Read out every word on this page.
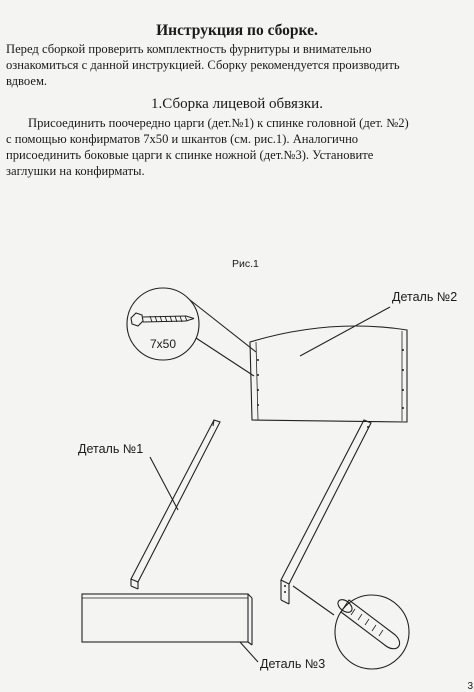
Инструкция по сборке.
Перед сборкой проверить комплектность фурнитуры и внимательно
ознакомиться с данной инструкцией. Сборку рекомендуется производить
вдвоем.
1.Сборка лицевой обвязки.
Присоединить поочередно царги (дет.№1) к спинке головной (дет. №2)
с помощью конфирматов 7х50 и шкантов (см. рис.1). Аналогично
присоединить боковые царги к спинке ножной (дет.№3). Установите
заглушки на конфирматы.
Рис.1
7х50
Деталь №2
Деталь №1
Деталь №3
3
